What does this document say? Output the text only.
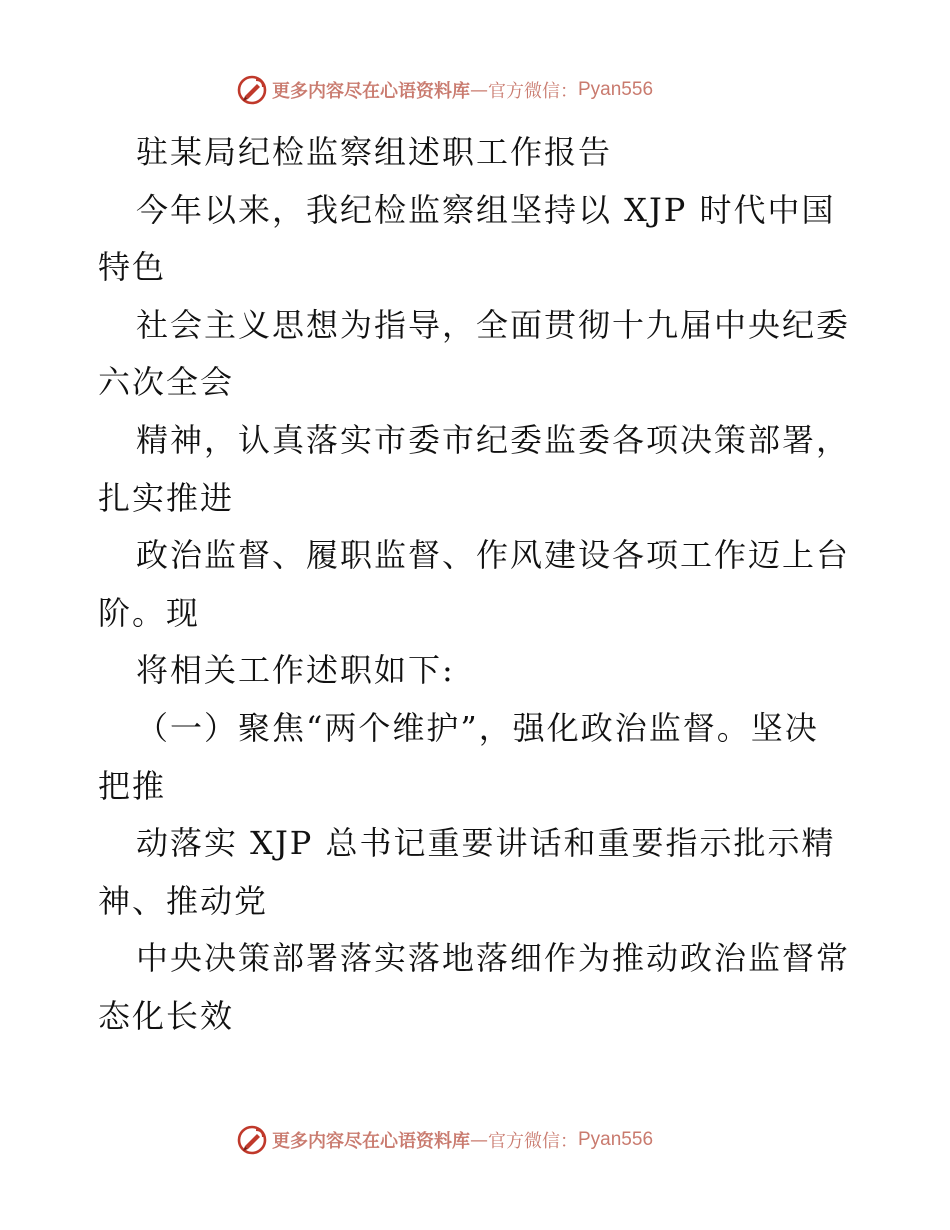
更多内容尽在心语资料库 — 官方微信： Pyan556
驻某局纪检监察组述职工作报告
今年以来，我纪检监察组坚持以 XJP 时代中国
特色
社会主义思想为指导，全面贯彻十九届中央纪委
六次全会
精神，认真落实市委市纪委监委各项决策部署，
扎实推进
政治监督、履职监督、作风建设各项工作迈上台
阶。现
将相关工作述职如下:
（一）聚焦“两个维护”，强化政治监督。坚决
把推
动落实 XJP 总书记重要讲话和重要指示批示精
神、推动党
中央决策部署落实落地落细作为推动政治监督常
态化长效
更多内容尽在心语资料库 — 官方微信： Pyan556
